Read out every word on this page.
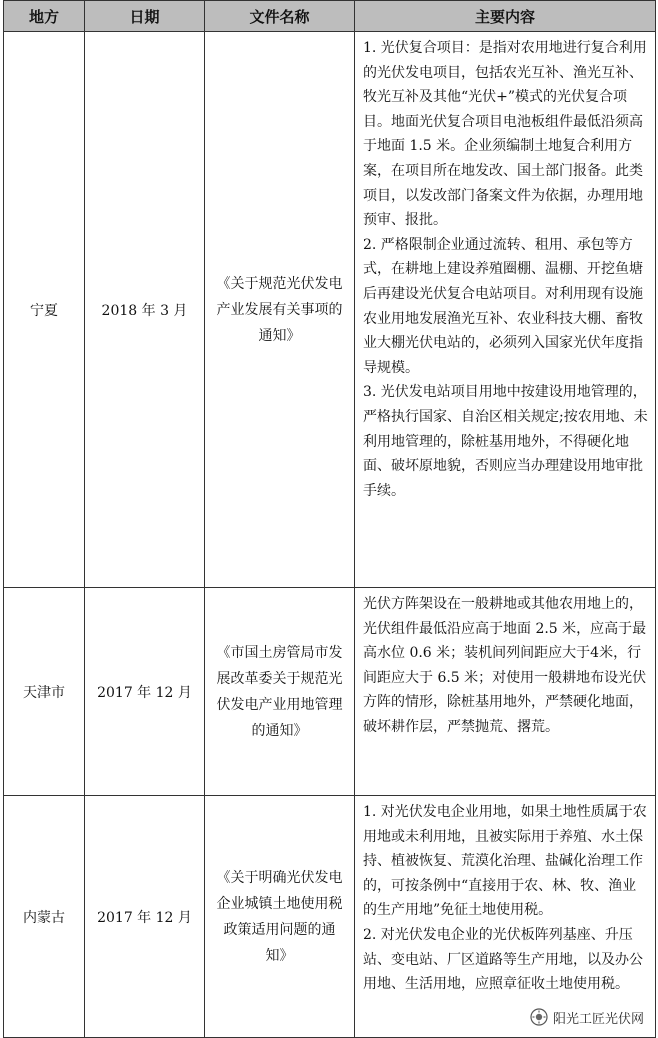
地方	日期	文件名称	主要内容
宁夏	2018 年 3 月	《关于规范光伏发电产业发展有关事项的通知》	1. 光伏复合项目：是指对农用地进行复合利用的光伏发电项目，包括农光互补、渔光互补、牧光互补及其他“光伏+”模式的光伏复合项目。地面光伏复合项目电池板组件最低沿须高于地面 1.5 米。企业须编制土地复合利用方案，在项目所在地发改、国土部门报备。此类项目，以发改部门备案文件为依据，办理用地预审、报批。

2. 严格限制企业通过流转、租用、承包等方式，在耕地上建设养殖圈棚、温棚、开挖鱼塘后再建设光伏复合电站项目。对利用现有设施农业用地发展渔光互补、农业科技大棚、畜牧业大棚光伏电站的，必须列入国家光伏年度指导规模。

3. 光伏发电站项目用地中按建设用地管理的，严格执行国家、自治区相关规定;按农用地、未利用地管理的，除桩基用地外，不得硬化地面、破坏原地貌，否则应当办理建设用地审批手续。

天津市	2017 年 12 月	《市国土房管局市发展改革委关于规范光伏发电产业用地管理的通知》	光伏方阵架设在一般耕地或其他农用地上的，光伏组件最低沿应高于地面 2.5 米，应高于最高水位 0.6 米；装机间列间距应大于4米，行间距应大于 6.5 米；对使用一般耕地布设光伏方阵的情形，除桩基用地外，严禁硬化地面，破坏耕作层，严禁抛荒、撂荒。

内蒙古	2017 年 12 月	《关于明确光伏发电企业城镇土地使用税政策适用问题的通知》	1. 对光伏发电企业用地，如果土地性质属于农用地或未利用地，且被实际用于养殖、水土保持、植被恢复、荒漠化治理、盐碱化治理工作的，可按条例中“直接用于农、林、牧、渔业的生产用地”免征土地使用税。

2. 对光伏发电企业的光伏板阵列基座、升压站、变电站、厂区道路等生产用地，以及办公用地、生活用地，应照章征收土地使用税。

阳光工匠光伏网
